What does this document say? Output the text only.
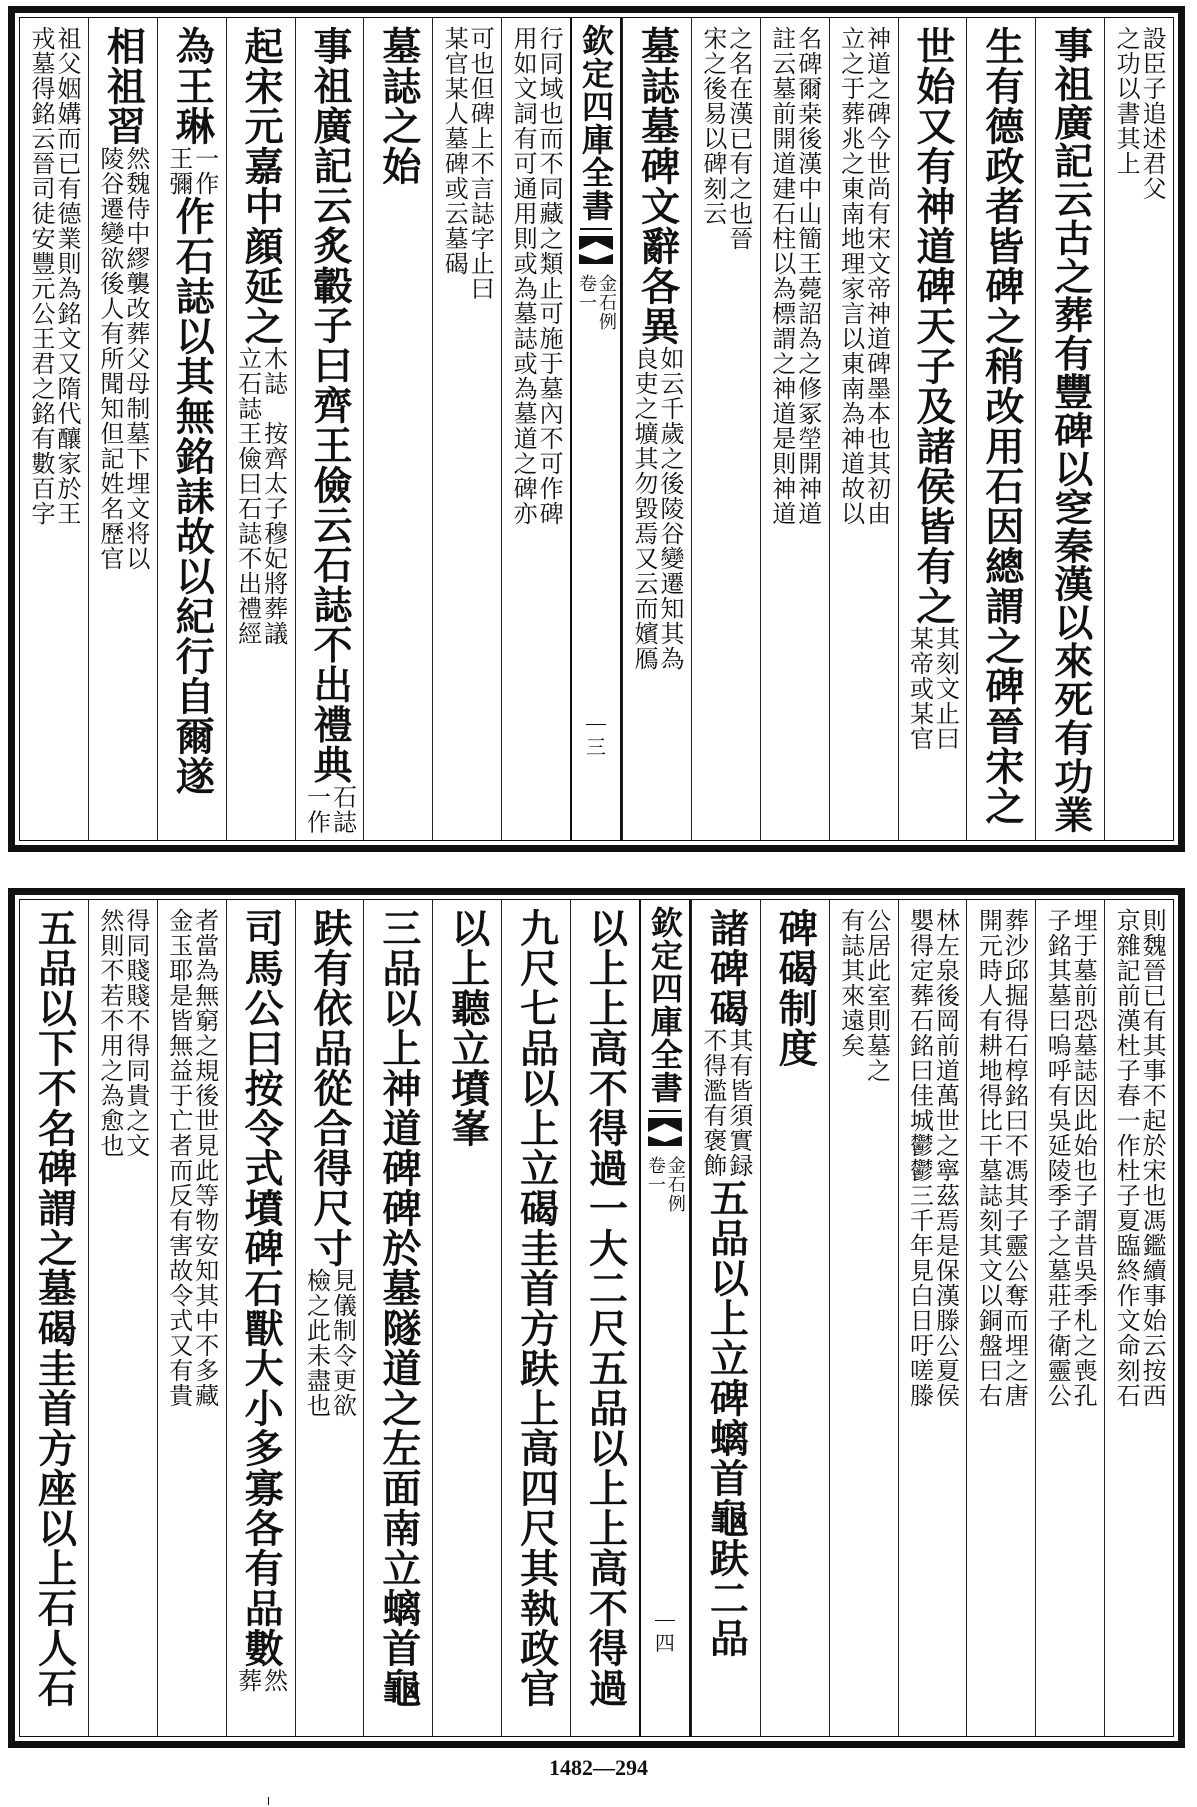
設臣子追述君父
之功以書其上
事祖廣記云古之葬有豐碑以窆秦漢以來死有功業
生有德政者皆碑之稍改用石因總謂之碑晉宋之
世始又有神道碑天子及諸侯皆有之
其刻文止曰
某帝或某官
神道之碑今世尚有宋文帝神道碑墨本也其初由
立之于葬兆之東南地理家言以東南為神道故以
名碑爾桒後漢中山簡王薨詔為之修冢塋開神道
註云墓前開道建石柱以為標謂之神道是則神道
之名在漢已有之也晉
宋之後易以碑刻云
墓誌墓碑文辭各異
如云千歲之後陵谷變遷知其為
良吏之壙其勿毀焉又云而嬪鴈
欽定四庫全書
金石例
卷一
三
行同域也而不同藏之類止可施于墓內不可作碑
用如文詞有可通用則或為墓誌或為墓道之碑亦
可也但碑上不言誌字止曰
某官某人墓碑或云墓碣
墓誌之始
事祖廣記云炙轂子曰齊王儉云石誌不出禮典
石誌
一作
起宋元嘉中顔延之
木誌
立石誌
按齊太子穆妃將葬議
王儉曰石誌不出禮經
為王琳
一作
王彌
作石誌以其無銘誄故以紀行自爾遂
相祖習
然魏侍中繆襲改葬父母制墓下埋文将以
陵谷遷變欲後人有所聞知但記姓名歷官
祖父姻媾而已有德業則為銘文又隋代釀家於王
戎墓得銘云晉司徒安豐元公王君之銘有數百字
則魏晉已有其事不起於宋也馮鑑續事始云按西
京雜記前漢杜子春一作杜子夏臨終作文命刻石
埋于墓前恐墓誌因此始也子謂昔吳季札之喪孔
子銘其墓曰嗚呼有吳延陵季子之墓莊子衛靈公
葬沙邱掘得石椁銘曰不馮其子靈公奪而埋之唐
開元時人有耕地得比干墓誌刻其文以銅盤曰右
林左泉後岡前道萬世之寧茲焉是保漢滕公夏侯
嬰得定葬石銘曰佳城鬱鬱三千年見白日吁嗟滕
公居此室則墓之
有誌其來遠矣
碑碣制度
諸碑碣
其有皆須實録
不得濫有褒飾
五品以上立碑螭首龜趺二品
欽定四庫全書
金石例
卷一
四
以上上高不得過一大二尺五品以上上高不得過
九尺七品以上立碣圭首方趺上高四尺其執政官
以上聽立墳峯
三品以上神道碑碑於墓隧道之左面南立螭首龜
趺有依品從合得尺寸
見儀制令更欲
檢之此未盡也
司馬公曰按令式墳碑石獸大小多寡各有品數
然
葬
者當為無窮之規後世見此等物安知其中不多藏
金玉耶是皆無益于亡者而反有害故令式又有貴
得同賤賤不得同貴之文
然則不若不用之為愈也
五品以下不名碑謂之墓碣圭首方座以上石人石
1482—294
